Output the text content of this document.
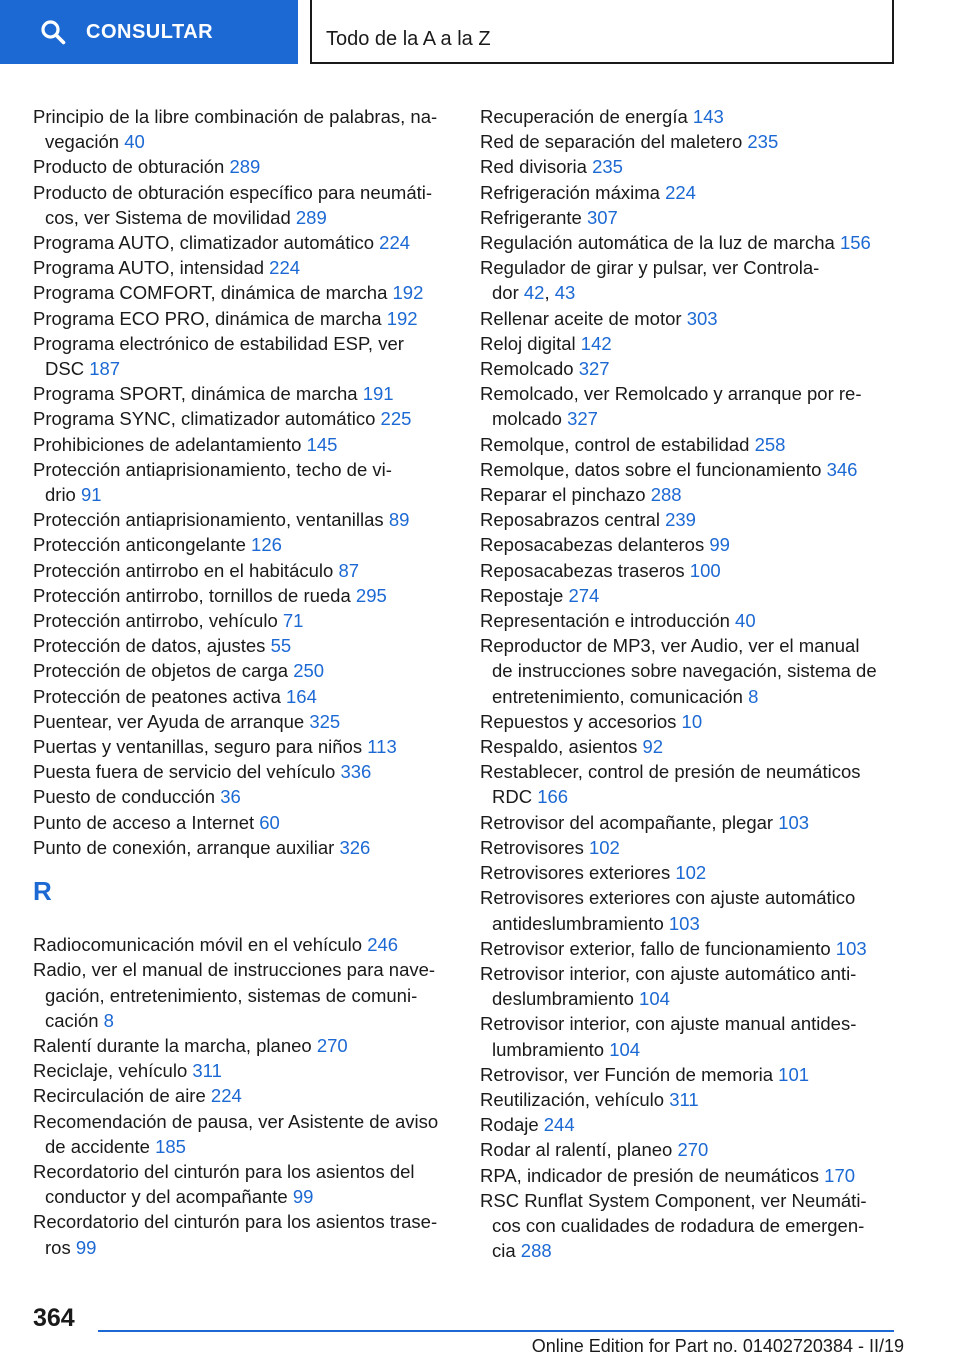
CONSULTAR	Todo de la A a la Z
Principio de la libre combinación de palabras, na-
vegación 40
Producto de obturación 289
Producto de obturación específico para neumáti-
cos, ver Sistema de movilidad 289
Programa AUTO, climatizador automático 224
Programa AUTO, intensidad 224
Programa COMFORT, dinámica de marcha 192
Programa ECO PRO, dinámica de marcha 192
Programa electrónico de estabilidad ESP, ver
DSC 187
Programa SPORT, dinámica de marcha 191
Programa SYNC, climatizador automático 225
Prohibiciones de adelantamiento 145
Protección antiaprisionamiento, techo de vi-
drio 91
Protección antiaprisionamiento, ventanillas 89
Protección anticongelante 126
Protección antirrobo en el habitáculo 87
Protección antirrobo, tornillos de rueda 295
Protección antirrobo, vehículo 71
Protección de datos, ajustes 55
Protección de objetos de carga 250
Protección de peatones activa 164
Puentear, ver Ayuda de arranque 325
Puertas y ventanillas, seguro para niños 113
Puesta fuera de servicio del vehículo 336
Puesto de conducción 36
Punto de acceso a Internet 60
Punto de conexión, arranque auxiliar 326
R
Radiocomunicación móvil en el vehículo 246
Radio, ver el manual de instrucciones para nave-
gación, entretenimiento, sistemas de comuni-
cación 8
Ralentí durante la marcha, planeo 270
Reciclaje, vehículo 311
Recirculación de aire 224
Recomendación de pausa, ver Asistente de aviso
de accidente 185
Recordatorio del cinturón para los asientos del
conductor y del acompañante 99
Recordatorio del cinturón para los asientos trase-
ros 99
Recuperación de energía 143
Red de separación del maletero 235
Red divisoria 235
Refrigeración máxima 224
Refrigerante 307
Regulación automática de la luz de marcha 156
Regulador de girar y pulsar, ver Controla-
dor 42, 43
Rellenar aceite de motor 303
Reloj digital 142
Remolcado 327
Remolcado, ver Remolcado y arranque por re-
molcado 327
Remolque, control de estabilidad 258
Remolque, datos sobre el funcionamiento 346
Reparar el pinchazo 288
Reposabrazos central 239
Reposacabezas delanteros 99
Reposacabezas traseros 100
Repostaje 274
Representación e introducción 40
Reproductor de MP3, ver Audio, ver el manual
de instrucciones sobre navegación, sistema de
entretenimiento, comunicación 8
Repuestos y accesorios 10
Respaldo, asientos 92
Restablecer, control de presión de neumáticos
RDC 166
Retrovisor del acompañante, plegar 103
Retrovisores 102
Retrovisores exteriores 102
Retrovisores exteriores con ajuste automático
antideslumbramiento 103
Retrovisor exterior, fallo de funcionamiento 103
Retrovisor interior, con ajuste automático anti-
deslumbramiento 104
Retrovisor interior, con ajuste manual antides-
lumbramiento 104
Retrovisor, ver Función de memoria 101
Reutilización, vehículo 311
Rodaje 244
Rodar al ralentí, planeo 270
RPA, indicador de presión de neumáticos 170
RSC Runflat System Component, ver Neumáti-
cos con cualidades de rodadura de emergen-
cia 288
364
Online Edition for Part no. 01402720384 - II/19
